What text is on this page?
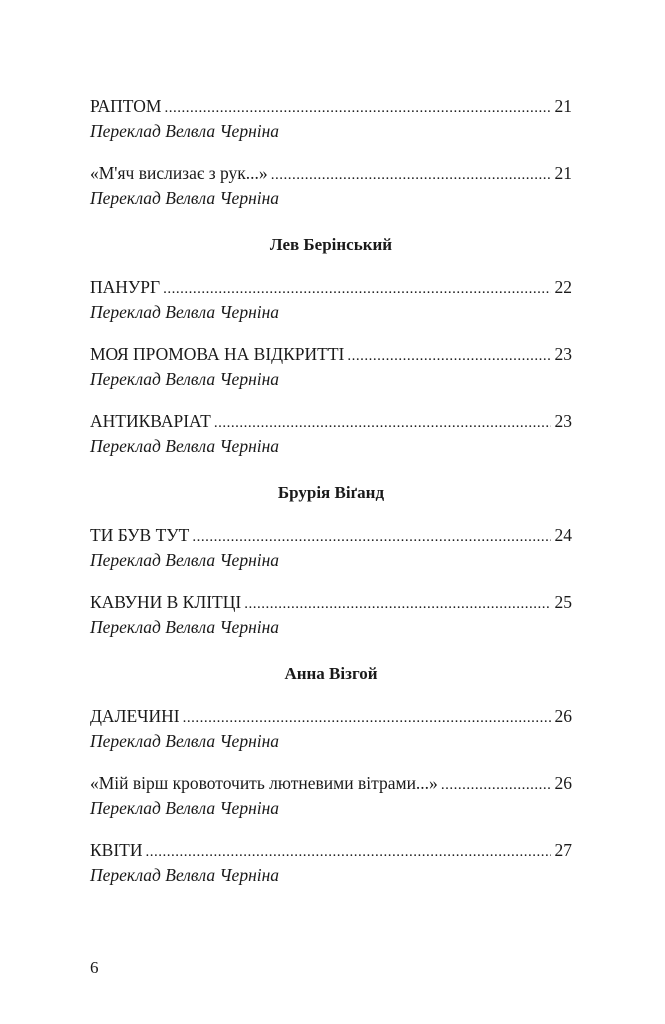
РАПТОМ .....	21
Переклад Велвла Черніна
«М'яч вислизає з рук...» .....	21
Переклад Велвла Черніна
Лев Берінський
ПАНУРГ .....	22
Переклад Велвла Черніна
МОЯ ПРОМОВА НА ВІДКРИТТІ .....	23
Переклад Велвла Черніна
АНТИКВАРІАТ .....	23
Переклад Велвла Черніна
Брурія Віґанд
ТИ БУВ ТУТ .....	24
Переклад Велвла Черніна
КАВУНИ В КЛІТЦІ .....	25
Переклад Велвла Черніна
Анна Візгой
ДАЛЕЧИНІ .....	26
Переклад Велвла Черніна
«Мій вірш кровоточить лютневими вітрами...» .....	26
Переклад Велвла Черніна
КВІТИ .....	27
Переклад Велвла Черніна
6
